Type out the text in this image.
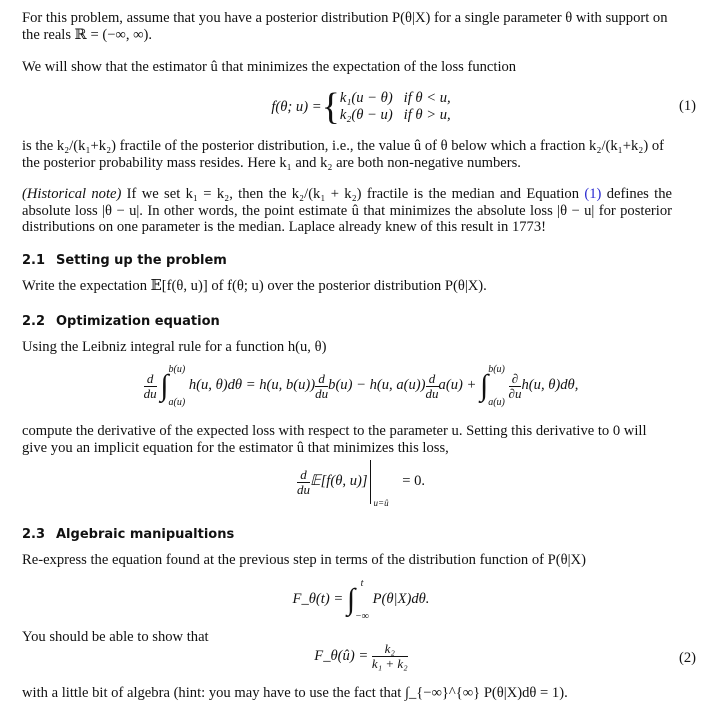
For this problem, assume that you have a posterior distribution P(θ|X) for a single parameter θ with support on the reals ℝ = (−∞, ∞).
We will show that the estimator û that minimizes the expectation of the loss function
f(θ; u) = { k₁(u − θ)   if θ < u,
k₂(θ − u)   if θ > u,
(1)
is the k₂/(k₁+k₂) fractile of the posterior distribution, i.e., the value û of θ below which a fraction k₂/(k₁+k₂) of the posterior probability mass resides. Here k₁ and k₂ are both non-negative numbers.
(Historical note) If we set k₁ = k₂, then the k₂/(k₁ + k₂) fractile is the median and Equation (1) defines the absolute loss |θ − u|. In other words, the point estimate û that minimizes the absolute loss |θ − u| for posterior distributions on one parameter is the median. Laplace already knew of this result in 1773!
2.1 Setting up the problem
Write the expectation 𝔼[f(θ, u)] of f(θ; u) over the posterior distribution P(θ|X).
2.2 Optimization equation
Using the Leibniz integral rule for a function h(u, θ)
$\frac{d}{du}$
∫ b(u)
a(u)
h(u, θ)dθ = h(u, $b(u)) \frac{d}{du} b(u) - h(u$, $a(u)) \frac{d}{du} a(u)$ + ∫ b(u)
a(u)

$\frac{\partial}{\partial u} h(u$, θ)dθ,
compute the derivative of the expected loss with respect to the parameter u. Setting this derivative to 0 will give you an implicit equation for the estimator û that minimizes this loss,
$\frac{d}{du}$ 𝔼[f(θ, u)]
u=û
= 0.
2.3 Algebraic manipualtions
Re-express the equation found at the previous step in terms of the distribution function of P(θ|X)
F_θ(t) = ∫ t
−∞
P(θ|X)dθ.
You should be able to show that
F_θ(û) = $\frac{\text{k₂}}{\text{k₁ + k₂}}$	(2)
with a little bit of algebra (hint: you may have to use the fact that ∫_{−∞}^{∞} P(θ|X)dθ = 1).
